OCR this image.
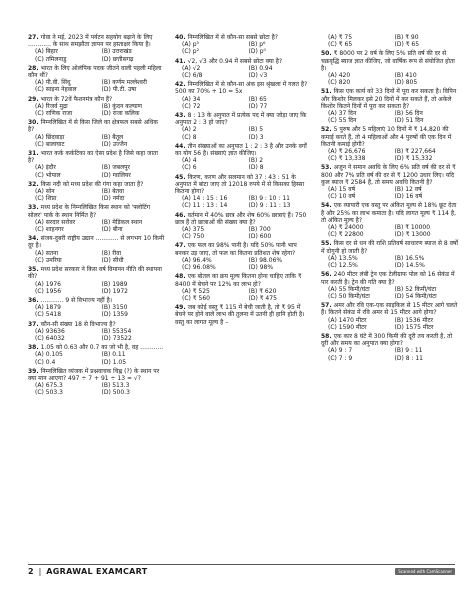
27. गोवा ने मई, 2023 में पर्यटन सहयोग बढ़ाने के लिए ............ के साथ समझौता ज्ञापन पर हस्ताक्षर किया है।
(A) बिहार	(B) उत्तराखंड
(C) तमिलनाडु	(D) छत्तीसगढ़
28. भारत के लिए ओलंपिक पदक जीतने वाली पहली महिला कौन थीं?
(A) पी.वी. सिंधु	(B) कर्णम मल्लेश्वरी
(C) साइना नेहवाल	(D) पी.टी. उषा
29. भारत के 72वें फैशनमंत्र कौन हैं?
(A) रिजर्व मुद्रा	(B) कुंदन कल्याण
(C) राणिक राजा	(D) राजा कलिक
30. निम्नलिखित में से किस जिले का क्षेत्रफल सबसे अधिक है?
(A) छिंदवाड़ा	(B) बैतूल
(C) बालाघाट	(D) उज्जैन
31. भारत कर्क कर्कटिका का ऐसा प्रदेश है जिसे कहा जाता है?
(A) इंदौर	(B) जबलपुर
(C) भोपाल	(D) ग्वालियर
32. किस नदी को मध्य प्रदेश की गंगा कहा जाता है?
(A) सोन	(B) बेतवा
(C) शिप्रा	(D) नर्मदा
33. मध्य प्रदेश के निम्नलिखित किस स्थान को 'फ्लोटिंग सोलर' पार्क के स्थान निर्मित है?
(A) सरदार सरोवर	(B) मेडिकल स्थान
(C) शाहनगर	(D) बीना
34. संजय-दुबरी राष्ट्रीय उद्यान ............ से लगभग 10 किमी दूर है।
(A) सतना	(B) रीवा
(C) उमरिया	(D) सीधी
35. मध्य प्रदेश सरकार ने किस वर्ष विमानन नीति की स्थापना की?
(A) 1976	(B) 1989
(C) 1956	(D) 1972
36. ............ 9 से विभाज्य नहीं है।
(A) 1879	(B) 3150
(C) 5418	(D) 1359
37. कौन-सी संख्या 18 से विभाज्य है?
(A) 93636	(B) 55354
(C) 64032	(D) 73522
38. 1.05 को 0.63 और 0.7 का जो भी है, वह ............
(A) 0.105	(B) 0.11
(C) 0.4	(D) 1.05
39. निम्नलिखित व्यंजक में प्रश्नवाचक चिह्न (?) के स्थान पर क्या मान आएगा? 497 ÷ 7 + 91 ÷ 13 = √?
(A) 675.3	(B) 513.3
(C) 503.3	(D) 500.3
40. निम्नलिखित में से कौन-सा सबसे छोटा है?
(A) p³	(B) p⁶
(C) p²	(D) p⁰
41. √2, √3 और 0.94 में सबसे छोटा क्या है?
(A) √2	(B) 0.94
(C) 6/8	(D) √3
42. निम्नलिखित में से कौन-सा अंक इस श्रृंखला में गलत है? 500 का 70% + 10 = 5x
(A) 34	(B) 65
(C) 72	(D) 77
43. 8 : 13 के अनुपात में प्रत्येक पद में क्या जोड़ा जाए कि अनुपात 2 : 3 हो जाए?
(A) 2	(B) 5
(C) 8	(D) 3
44. तीन संख्याओं का अनुपात 1 : 2 : 3 है और उनके वर्गों का योग 56 है। संख्याएं ज्ञात कीजिए।
(A) 4	(B) 2
(C) 6	(D) 8
45. किरण, करण और सलमान को 37 : 43 : 51 के अनुपात में बांटा जाए तो 12018 रुपये में से किसका हिस्सा कितना होगा?
(A) 14 : 15 : 16	(B) 9 : 10 : 11
(C) 11 : 13 : 14	(D) 9 : 11 : 13
46. वर्तमान में 40% छात्र और शेष 60% छात्राएं हैं। 750 छात्र हैं तो छात्राओं की संख्या क्या है?
(A) 375	(B) 700
(C) 750	(D) 600
47. एक फल का 98% पानी है। यदि 50% पानी भाप बनकर उड़ जाए, तो फल का कितना प्रतिशत शेष रहेगा?
(A) 96.4%	(B) 98.06%
(C) 96.08%	(D) 98%
48. एक बोतल का क्रय मूल्य कितना होना चाहिए ताकि ₹ 8400 में बेचने पर 12% का लाभ हो?
(A) ₹ 525	(B) ₹ 620
(C) ₹ 560	(D) ₹ 475
49. जब कोई वस्तु ₹ 115 में बेची जाती है, तो ₹ 95 में बेचने पर होने वाले लाभ की तुलना में उतनी ही हानि होती है। वस्तु का लागत मूल्य है –
(A) ₹ 75	(B) ₹ 90
(C) ₹ 65	(D) ₹ 65
50. ₹ 8000 पर 2 वर्ष के लिए 5% प्रति वर्ष की दर से चक्रवृद्धि ब्याज ज्ञात कीजिए, जो वार्षिक रूप से संयोजित होता है।
(A) 420	(B) 410
(C) 820	(D) 805
51. किस एक कार्य को 33 दिनों में पूरा कर सकता है। विपिन और किशोर मिलकर इसे 20 दिनों में कर सकते हैं, तो अकेले किशोर कितने दिनों में पूरा कर सकता है?
(A) 37 दिन	(B) 56 दिन
(C) 55 दिन	(D) 51 दिन
52. 5 पुरुष और 5 महिलाएं 10 दिनों में ₹ 14,820 की कमाई करते हैं, तो 4 महिलाओं और 4 पुरुषों की एक दिन में कितनी कमाई होगी?
(A) ₹ 26,676	(B) ₹ 227,664
(C) ₹ 13,338	(D) ₹ 15,332
53. अजुन ने समान अवधि के लिए 6% प्रति वर्ष की दर से ₹ 800 और 7% प्रति वर्ष की दर से ₹ 1200 उधार लिए। यदि कुल ब्याज ₹ 2584 है, तो समय अवधि कितनी है?
(A) 15 वर्ष	(B) 12 वर्ष
(C) 10 वर्ष	(D) 16 वर्ष
54. एक व्यापारी एक वस्तु पर अंकित मूल्य से 18% छूट देता है और 25% का लाभ कमाता है। यदि लागत मूल्य ₹ 114 है, तो अंकित मूल्य है?
(A) ₹ 24000	(B) ₹ 10000
(C) ₹ 22800	(D) ₹ 13000
55. किस दर से धन की राशि प्रतिवर्ष साधारण ब्याज से 8 वर्षों में दोगुनी हो जाती है?
(A) 13.5%	(B) 16.5%
(C) 12.5%	(D) 14.5%
56. 240 मीटर लंबी ट्रेन एक टेलीग्राफ पोल को 16 सेकंड में पार करती है। ट्रेन की गति क्या है?
(A) 55 किमी/घंटा	(B) 52 किमी/घंटा
(C) 50 किमी/घंटा	(D) 54 किमी/घंटा
57. अमर और रवि एक-एक साइकिल से 15 मीटर आगे चलते हैं। कितने सेकंड में रवि अमर से 15 मीटर आगे होगा?
(A) 1470 मीटर	(B) 1536 मीटर
(C) 1590 मीटर	(D) 1575 मीटर
58. एक कार 8 घंटे में 300 किमी की दूरी तय करती है, तो दूरी और समय का अनुपात क्या होगा?
(A) 9 : 7	(B) 9 : 11
(C) 7 : 9	(D) 8 : 11
2 | AGRAWAL EXAMCART	Scanned with CamScanner
